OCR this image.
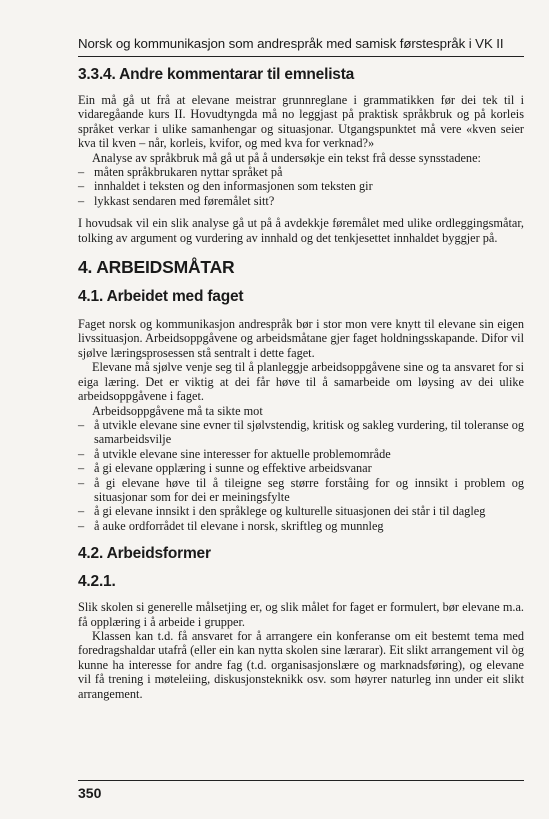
Norsk og kommunikasjon som andrespråk med samisk førstespråk i VK II
3.3.4. Andre kommentarar til emnelista

Ein må gå ut frå at elevane meistrar grunnreglane i grammatikken før dei tek til i vidaregåande kurs II. Hovudtyngda må no leggjast på praktisk språkbruk og på korleis språket verkar i ulike samanhengar og situasjonar. Utgangspunktet må vere «kven seier kva til kven – når, korleis, kvifor, og med kva for verknad?»

Analyse av språkbruk må gå ut på å undersøkje ein tekst frå desse synsstadene:

– måten språkbrukaren nyttar språket på
– innhaldet i teksten og den informasjonen som teksten gir
– lykkast sendaren med føremålet sitt?

I hovudsak vil ein slik analyse gå ut på å avdekkje føremålet med ulike ordleggingsmåtar, tolking av argument og vurdering av innhald og det tenkjesettet innhaldet byggjer på.

4. ARBEIDSMÅTAR
4.1. Arbeidet med faget

Faget norsk og kommunikasjon andrespråk bør i stor mon vere knytt til elevane sin eigen livssituasjon. Arbeidsoppgåvene og arbeidsmåtane gjer faget holdningsskapande. Difor vil sjølve læringsprosessen stå sentralt i dette faget.

Elevane må sjølve venje seg til å planleggje arbeidsoppgåvene sine og ta ansvaret for si eiga læring. Det er viktig at dei får høve til å samarbeide om løysing av dei ulike arbeidsoppgåvene i faget.

Arbeidsoppgåvene må ta sikte mot

– å utvikle elevane sine evner til sjølvstendig, kritisk og sakleg vurdering, til toleranse og samarbeidsvilje
– å utvikle elevane sine interesser for aktuelle problemområde
– å gi elevane opplæring i sunne og effektive arbeidsvanar
– å gi elevane høve til å tileigne seg større forståing for og innsikt i problem og situasjonar som for dei er meiningsfylte
– å gi elevane innsikt i den språklege og kulturelle situasjonen dei står i til dagleg
– å auke ordforrådet til elevane i norsk, skriftleg og munnleg
4.2. Arbeidsformer
4.2.1.

Slik skolen si generelle målsetjing er, og slik målet for faget er formulert, bør elevane m.a. få opplæring i å arbeide i grupper.

Klassen kan t.d. få ansvaret for å arrangere ein konferanse om eit bestemt tema med foredragshaldar utafrå (eller ein kan nytta skolen sine lærarar). Eit slikt arrangement vil òg kunne ha interesse for andre fag (t.d. organisasjonslære og marknadsføring), og elevane vil få trening i møteleiing, diskusjonsteknikk osv. som høyrer naturleg inn under eit slikt arrangement.

350
